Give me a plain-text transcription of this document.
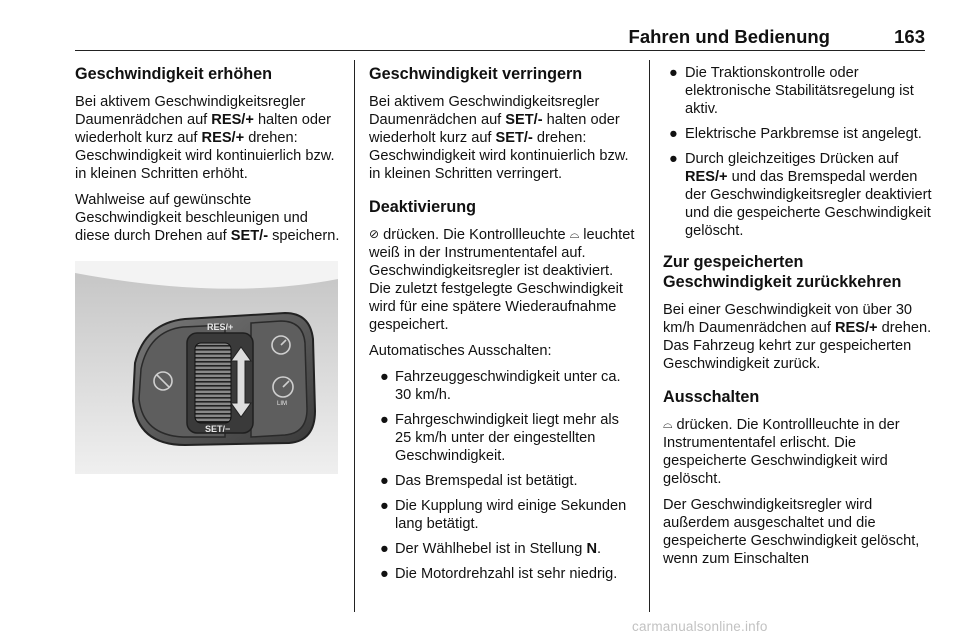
Fahren und Bedienung	163
Geschwindigkeit erhöhen

Bei aktivem Geschwindigkeitsregler Daumenrädchen auf RES/+ halten oder wiederholt kurz auf RES/+ drehen: Geschwindigkeit wird kontinuierlich bzw. in kleinen Schritten erhöht.

Wahlweise auf gewünschte Geschwindigkeit beschleunigen und diese durch Drehen auf SET/- speichern.

RES/+
SET/−
LIM
Geschwindigkeit verringern

Bei aktivem Geschwindigkeitsregler Daumenrädchen auf SET/- halten oder wiederholt kurz auf SET/- drehen: Geschwindigkeit wird kontinuierlich bzw. in kleinen Schritten verringert.

Deaktivierung

⊘ drücken. Die Kontrollleuchte ⌓ leuchtet weiß in der Instrumententafel auf. Geschwindigkeitsregler ist deaktiviert. Die zuletzt festgelegte Geschwindigkeit wird für eine spätere Wiederaufnahme gespeichert.

Automatisches Ausschalten:

● Fahrzeuggeschwindigkeit unter ca. 30 km/h.
● Fahrgeschwindigkeit liegt mehr als 25 km/h unter der eingestellten Geschwindigkeit.
● Das Bremspedal ist betätigt.
● Die Kupplung wird einige Sekunden lang betätigt.
● Der Wählhebel ist in Stellung N.
● Die Motordrehzahl ist sehr niedrig.
● Die Traktionskontrolle oder elektronische Stabilitätsregelung ist aktiv.
● Elektrische Parkbremse ist angelegt.
● Durch gleichzeitiges Drücken auf RES/+ und das Bremspedal werden der Geschwindigkeitsregler deaktiviert und die gespeicherte Geschwindigkeit gelöscht.
Zur gespeicherten Geschwindigkeit zurückkehren

Bei einer Geschwindigkeit von über 30 km/h Daumenrädchen auf RES/+ drehen. Das Fahrzeug kehrt zur gespeicherten Geschwindigkeit zurück.

Ausschalten

⌓ drücken. Die Kontrollleuchte in der Instrumententafel erlischt. Die gespeicherte Geschwindigkeit wird gelöscht.

Der Geschwindigkeitsregler wird außerdem ausgeschaltet und die gespeicherte Geschwindigkeit gelöscht, wenn zum Einschalten

carmanualsonline.info
